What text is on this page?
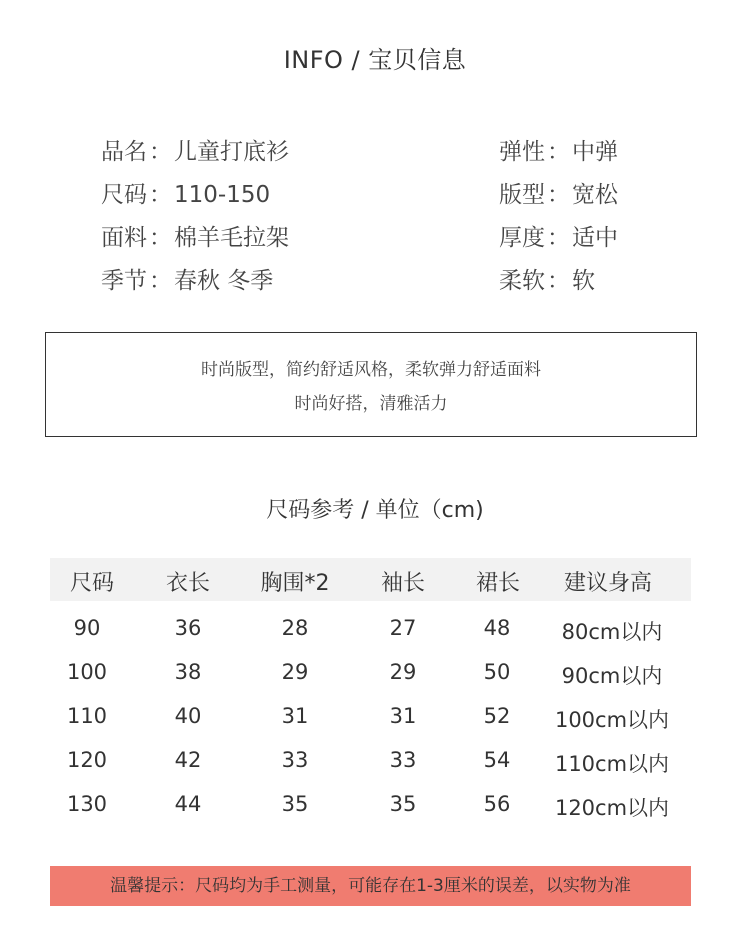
INFO / 宝贝信息
品名：儿童打底衫
尺码：110-150
面料：棉羊毛拉架
季节：春秋 冬季
弹性：中弹
版型：宽松
厚度：适中
柔软：软
时尚版型，简约舒适风格，柔软弹力舒适面料
时尚好搭，清雅活力
尺码参考 / 单位（cm)
尺码 衣长 胸围*2 袖长 裙长 建议身高
90	36	28	27	48 80cm以内
100	38	29	29	50 90cm以内
110	40	31	31	52 100cm以内
120	42	33	33	54 110cm以内
130	44	35	35	56 120cm以内
温馨提示：尺码均为手工测量，可能存在1-3厘米的误差，以实物为准
